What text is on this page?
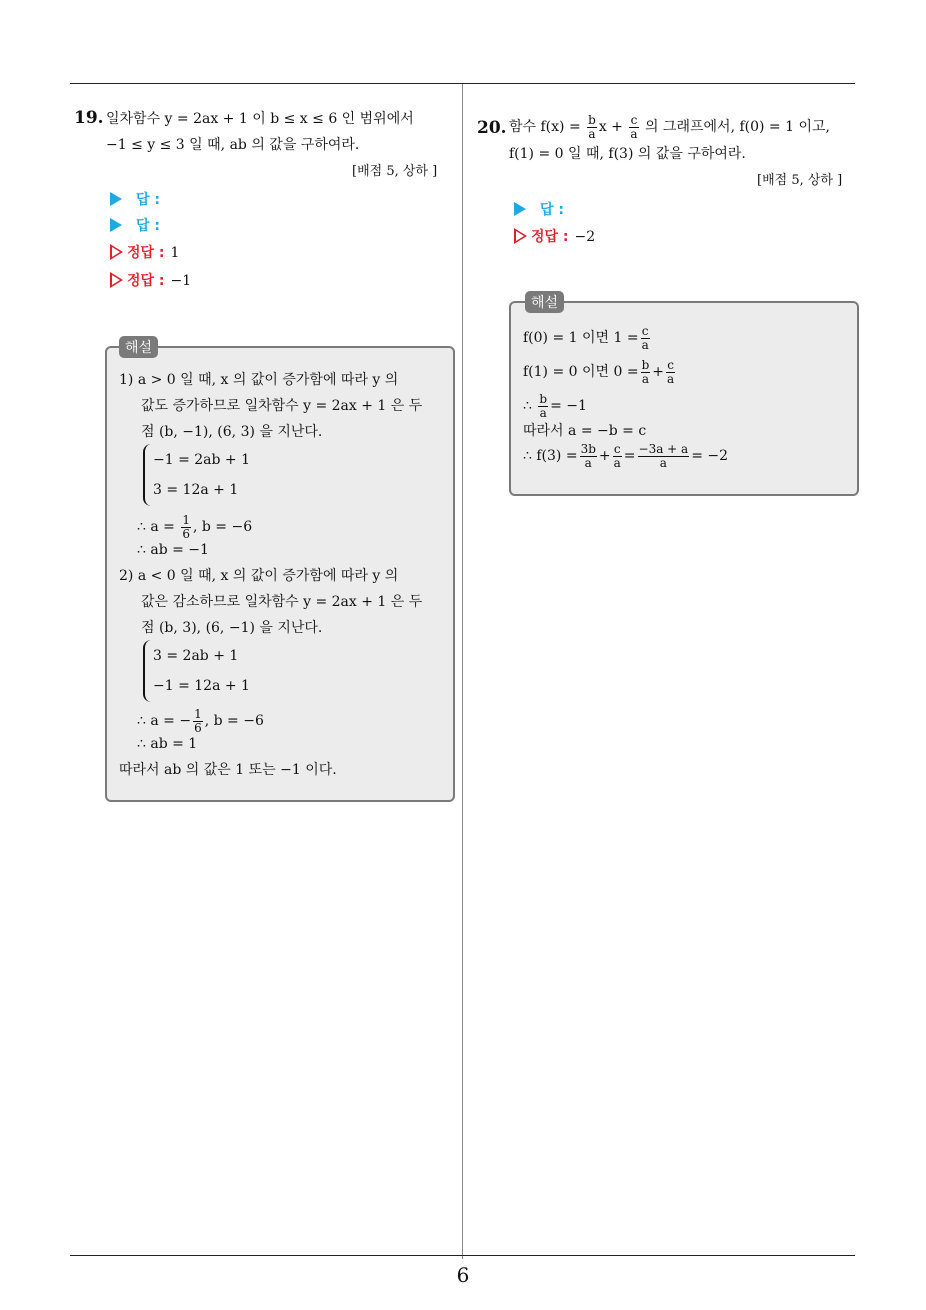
6
19. 일차함수 y = 2ax + 1 이 b ≤ x ≤ 6 인 범위에서
−1 ≤ y ≤ 3 일 때, ab 의 값을 구하여라.
[배점 5, 상하 ]
답 :
답 :
정답 : 1
정답 : −1
해설
1) a > 0 일 때, x 의 값이 증가함에 따라 y 의
값도 증가하므로 일차함수 y = 2ax + 1 은 두
점 (b, −1), (6, 3) 을 지난다.
−1 = 2ab + 1
3 = 12a + 1
∴ $a = \frac{1}{6}$ , b = −6
∴ ab = −1
2) a < 0 일 때, x 의 값이 증가함에 따라 y 의
값은 감소하므로 일차함수 y = 2ax + 1 은 두
점 (b, 3), (6, −1) 을 지난다.
3 = 2ab + 1
−1 = 12a + 1
∴ a = − $\frac{1}{6}$ , b = −6
∴ ab = 1
따라서 ab 의 값은 1 또는 −1 이다.
20. 함수 $f(x) = \frac{b}{a}$ $x + \frac{c}{a}$ 의 그래프에서, f(0) = 1 이고,
f(1) = 0 일 때, f(3) 의 값을 구하여라.
[배점 5, 상하 ]
답 :
정답 : −2
해설
f(0) = 1 이면 $1 = \frac{c}{a}$
f(1) = 0 이면 $0 = \frac{b}{a} + \frac{c}{a}$
∴ $\frac{b}{a} = -1$
따라서 a = −b = c
∴ $f(3) = \frac{3b}{a} + \frac{c}{a} = \frac{-3a + a}{a} = -2$
